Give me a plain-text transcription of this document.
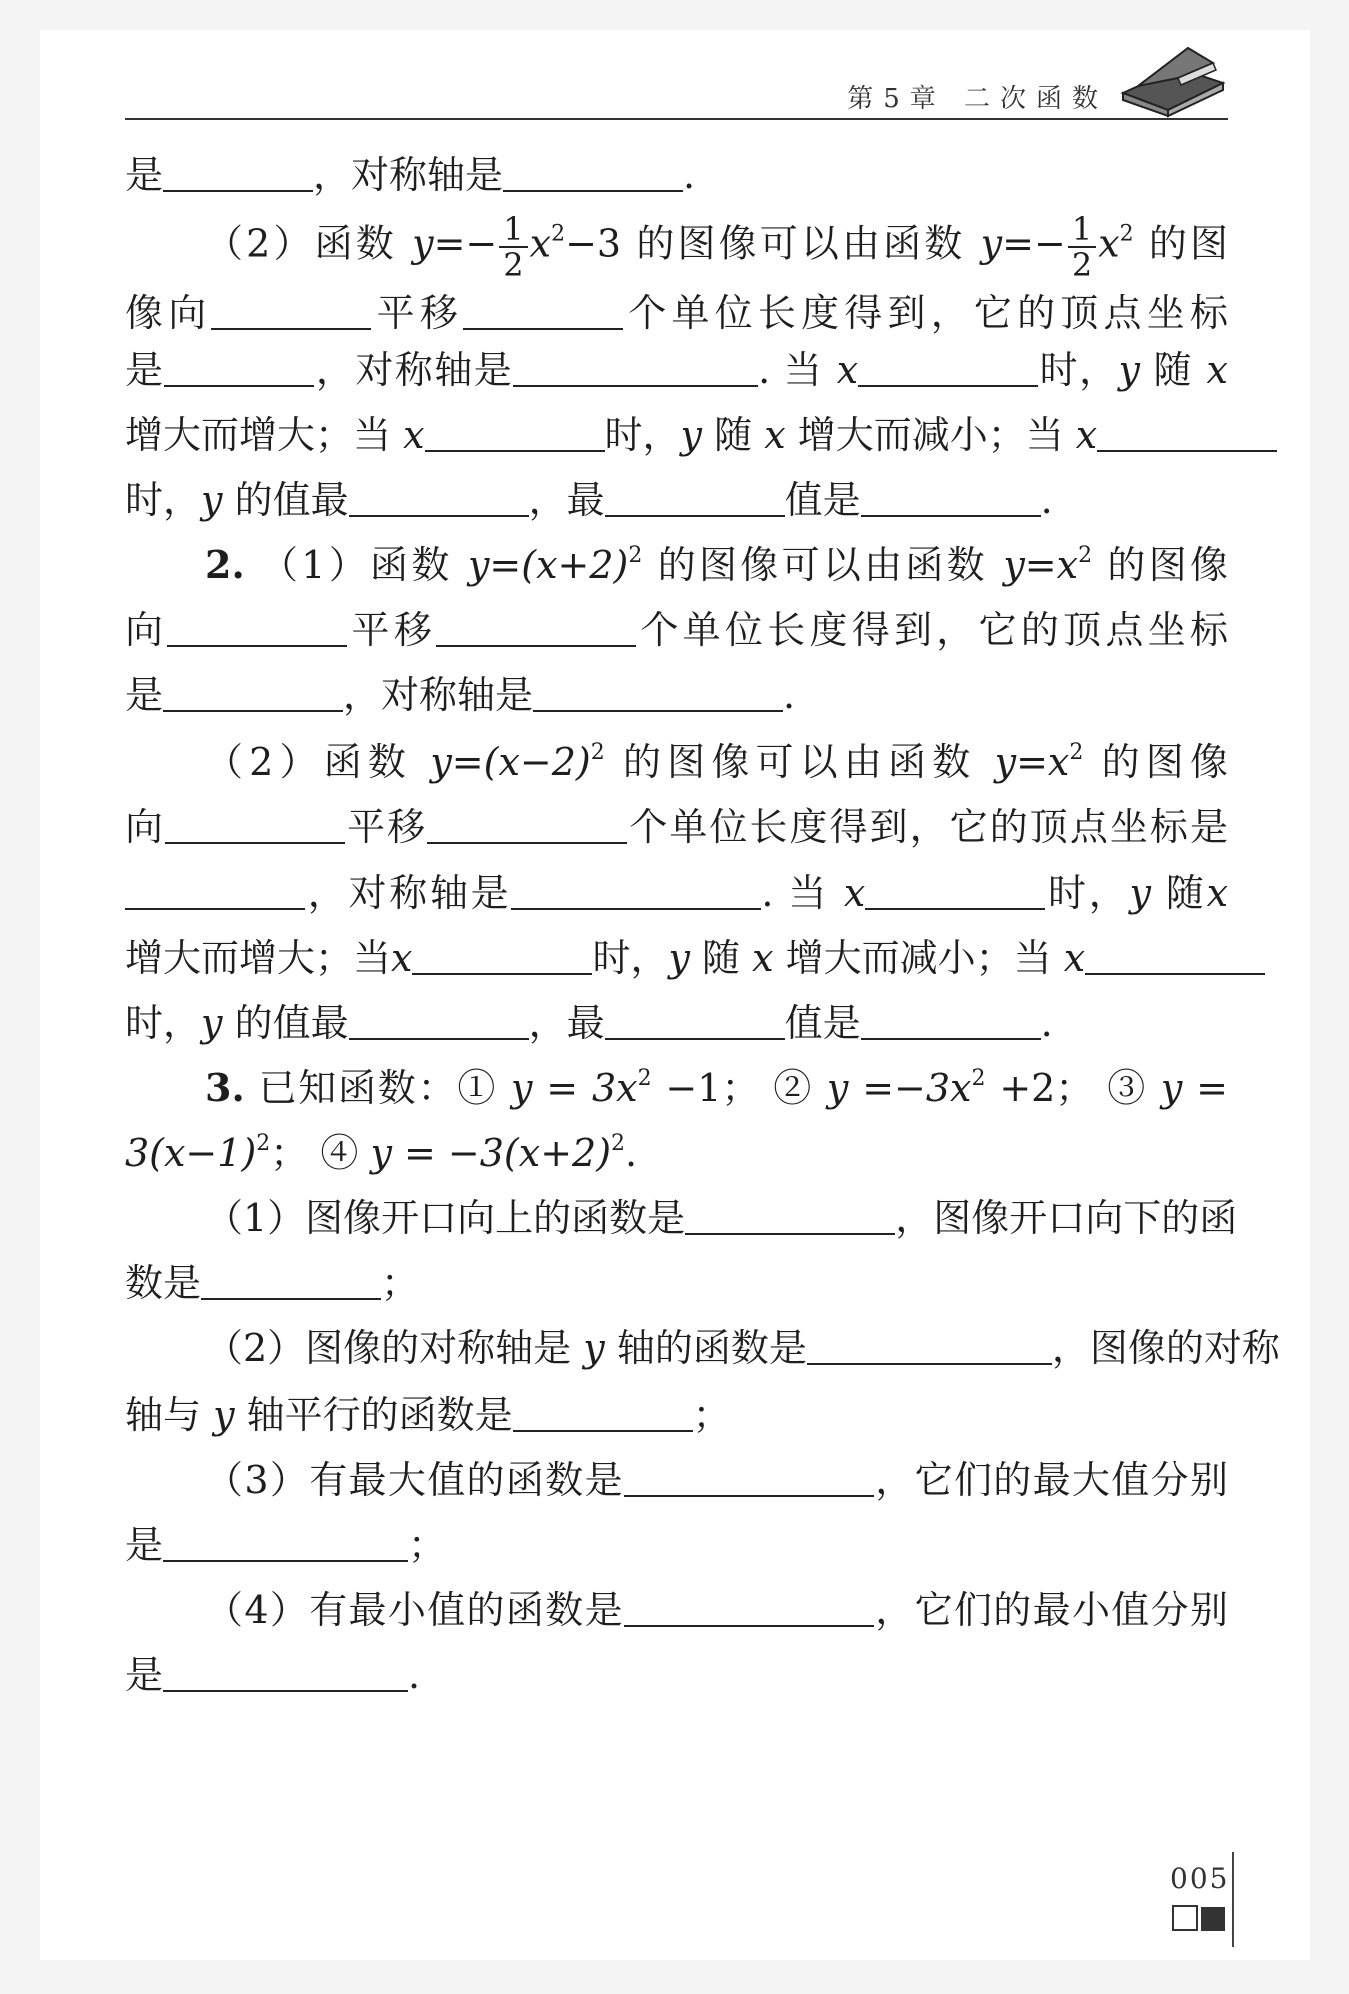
第5章 二次函数
是	，对称轴是	.
（2）函数 $y=- \frac{1}{2} x^2-3$ 的图像可以由函数 $y=- \frac{1}{2} x^2$ 的图
像向	平移	个单位长度得到，它的顶点坐标
是	，对称轴是	. 当 x	时，y 随 x
增大而增大；当 x	时，y 随 x 增大而减小；当 x
时，y 的值最	，最	值是	.
2. （1）函数 $y=(x+2)^2$ 的图像可以由函数 $y=x^2$ 的图像
向	平移	个单位长度得到，它的顶点坐标
是	，对称轴是	.
（2）函数 $y=(x-2)^2$ 的图像可以由函数 $y=x^2$ 的图像
向	平移	个单位长度得到，它的顶点坐标是
，对称轴是	. 当 x	时，y 随x
增大而增大；当x	时，y 随 x 增大而减小；当 x
时，y 的值最	，最	值是	.
3. 已知函数：① $y = 3x^2 -1$； ② $y =-3x^2 +2$； ③ y =
$3(x-1)^2$； ④ $y = -3(x+2)^2$.
（1）图像开口向上的函数是	，图像开口向下的函
数是	；
（2）图像的对称轴是 y 轴的函数是	，图像的对称
轴与 y 轴平行的函数是	；
（3）有最大值的函数是	，它们的最大值分别
是	；
（4）有最小值的函数是	，它们的最小值分别
是	.
005
